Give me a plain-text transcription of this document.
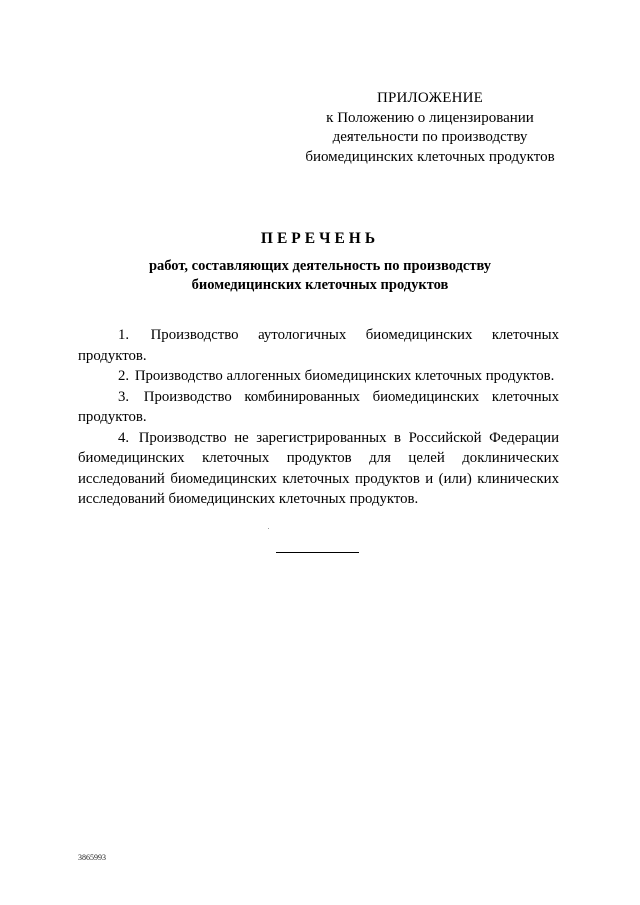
ПРИЛОЖЕНИЕ
к Положению о лицензировании
деятельности по производству
биомедицинских клеточных продуктов
ПЕРЕЧЕНЬ
работ, составляющих деятельность по производству
биомедицинских клеточных продуктов

1. Производство аутологичных биомедицинских клеточных продуктов.

2. Производство аллогенных биомедицинских клеточных продуктов.

3. Производство комбинированных биомедицинских клеточных продуктов.

4. Производство не зарегистрированных в Российской Федерации биомедицинских клеточных продуктов для целей доклинических исследований биомедицинских клеточных продуктов и (или) клинических исследований биомедицинских клеточных продуктов.

3865993
